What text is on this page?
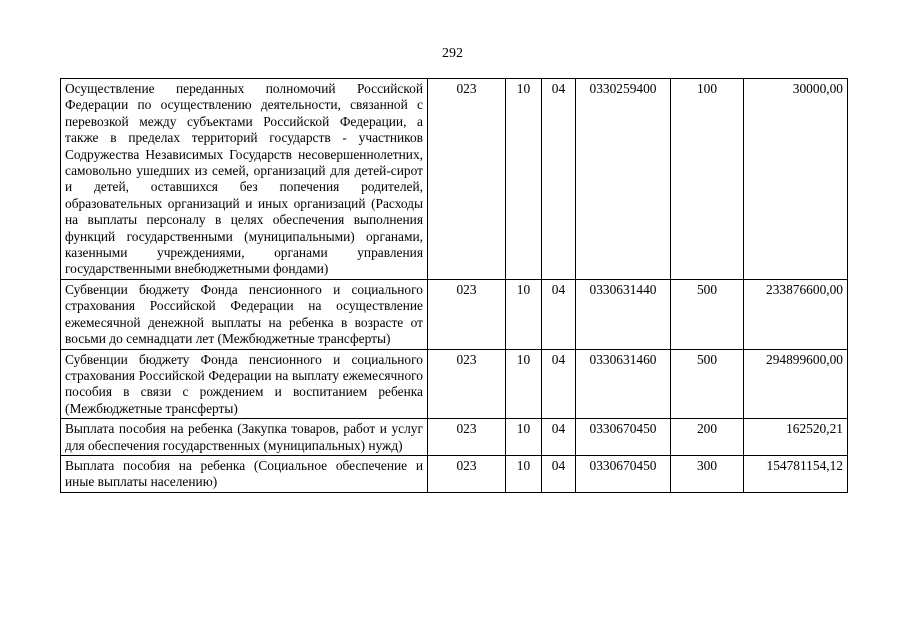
292
Осуществление переданных полномочий Российской Федерации по осуществлению деятельности, связанной с перевозкой между субъектами Российской Федерации, а также в пределах территорий государств - участников Содружества Независимых Государств несовершеннолетних, самовольно ушедших из семей, организаций для детей-сирот и детей, оставшихся без попечения родителей, образовательных организаций и иных организаций (Расходы на выплаты персоналу в целях обеспечения выполнения функций государственными (муниципальными) органами, казенными учреждениями, органами управления государственными внебюджетными фондами)	023	10	04	0330259400	100	30000,00
Субвенции бюджету Фонда пенсионного и социального страхования Российской Федерации на осуществление ежемесячной денежной выплаты на ребенка в возрасте от восьми до семнадцати лет (Межбюджетные трансферты)	023	10	04	0330631440	500	233876600,00
Субвенции бюджету Фонда пенсионного и социального страхования Российской Федерации на выплату ежемесячного пособия в связи с рождением и воспитанием ребенка (Межбюджетные трансферты)	023	10	04	0330631460	500	294899600,00
Выплата пособия на ребенка (Закупка товаров, работ и услуг для обеспечения государственных (муниципальных) нужд)	023	10	04	0330670450	200	162520,21
Выплата пособия на ребенка (Социальное обеспечение и иные выплаты населению)	023	10	04	0330670450	300	154781154,12
